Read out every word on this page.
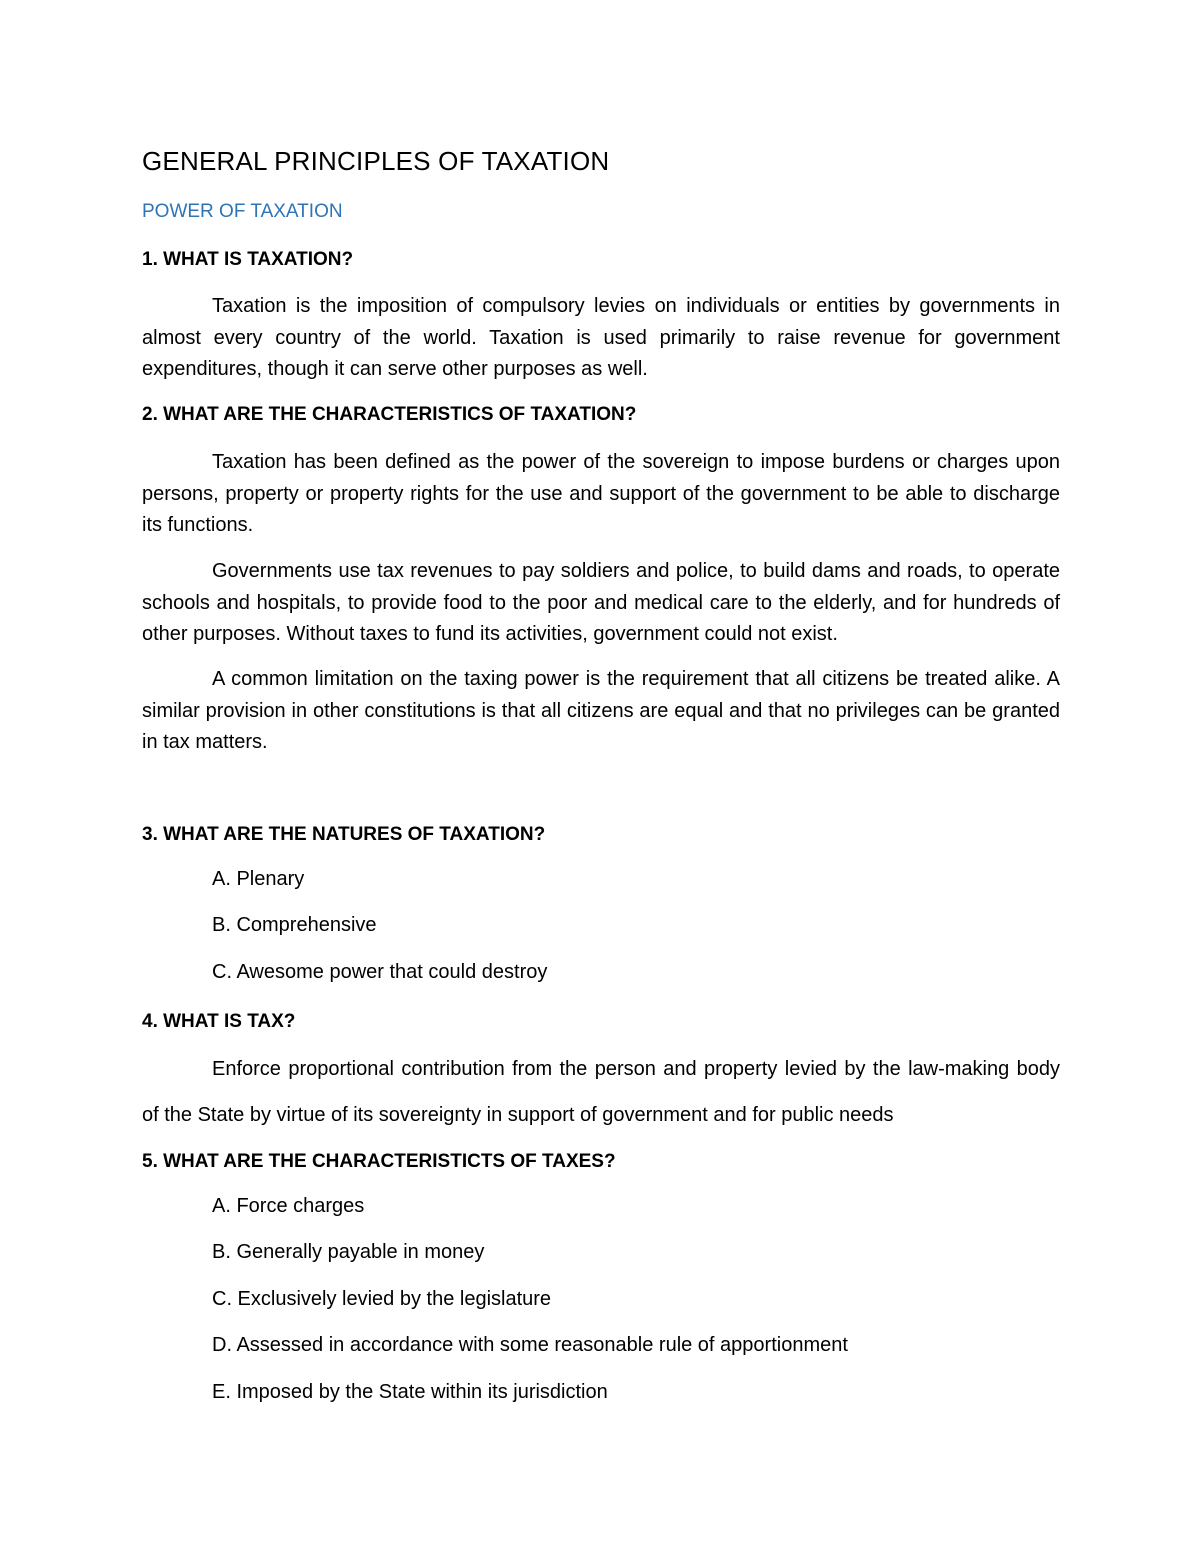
GENERAL PRINCIPLES OF TAXATION
POWER OF TAXATION
1. WHAT IS TAXATION?

Taxation is the imposition of compulsory levies on individuals or entities by governments in almost every country of the world. Taxation is used primarily to raise revenue for government expenditures, though it can serve other purposes as well.

2. WHAT ARE THE CHARACTERISTICS OF TAXATION?

Taxation has been defined as the power of the sovereign to impose burdens or charges upon persons, property or property rights for the use and support of the government to be able to discharge its functions.

Governments use tax revenues to pay soldiers and police, to build dams and roads, to operate schools and hospitals, to provide food to the poor and medical care to the elderly, and for hundreds of other purposes. Without taxes to fund its activities, government could not exist.

A common limitation on the taxing power is the requirement that all citizens be treated alike. A similar provision in other constitutions is that all citizens are equal and that no privileges can be granted in tax matters.

3. WHAT ARE THE NATURES OF TAXATION?

A. Plenary

B. Comprehensive

C. Awesome power that could destroy

4. WHAT IS TAX?

Enforce proportional contribution from the person and property levied by the law-making body of the State by virtue of its sovereignty in support of government and for public needs

5. WHAT ARE THE CHARACTERISTICTS OF TAXES?

A. Force charges

B. Generally payable in money

C. Exclusively levied by the legislature

D. Assessed in accordance with some reasonable rule of apportionment

E. Imposed by the State within its jurisdiction
